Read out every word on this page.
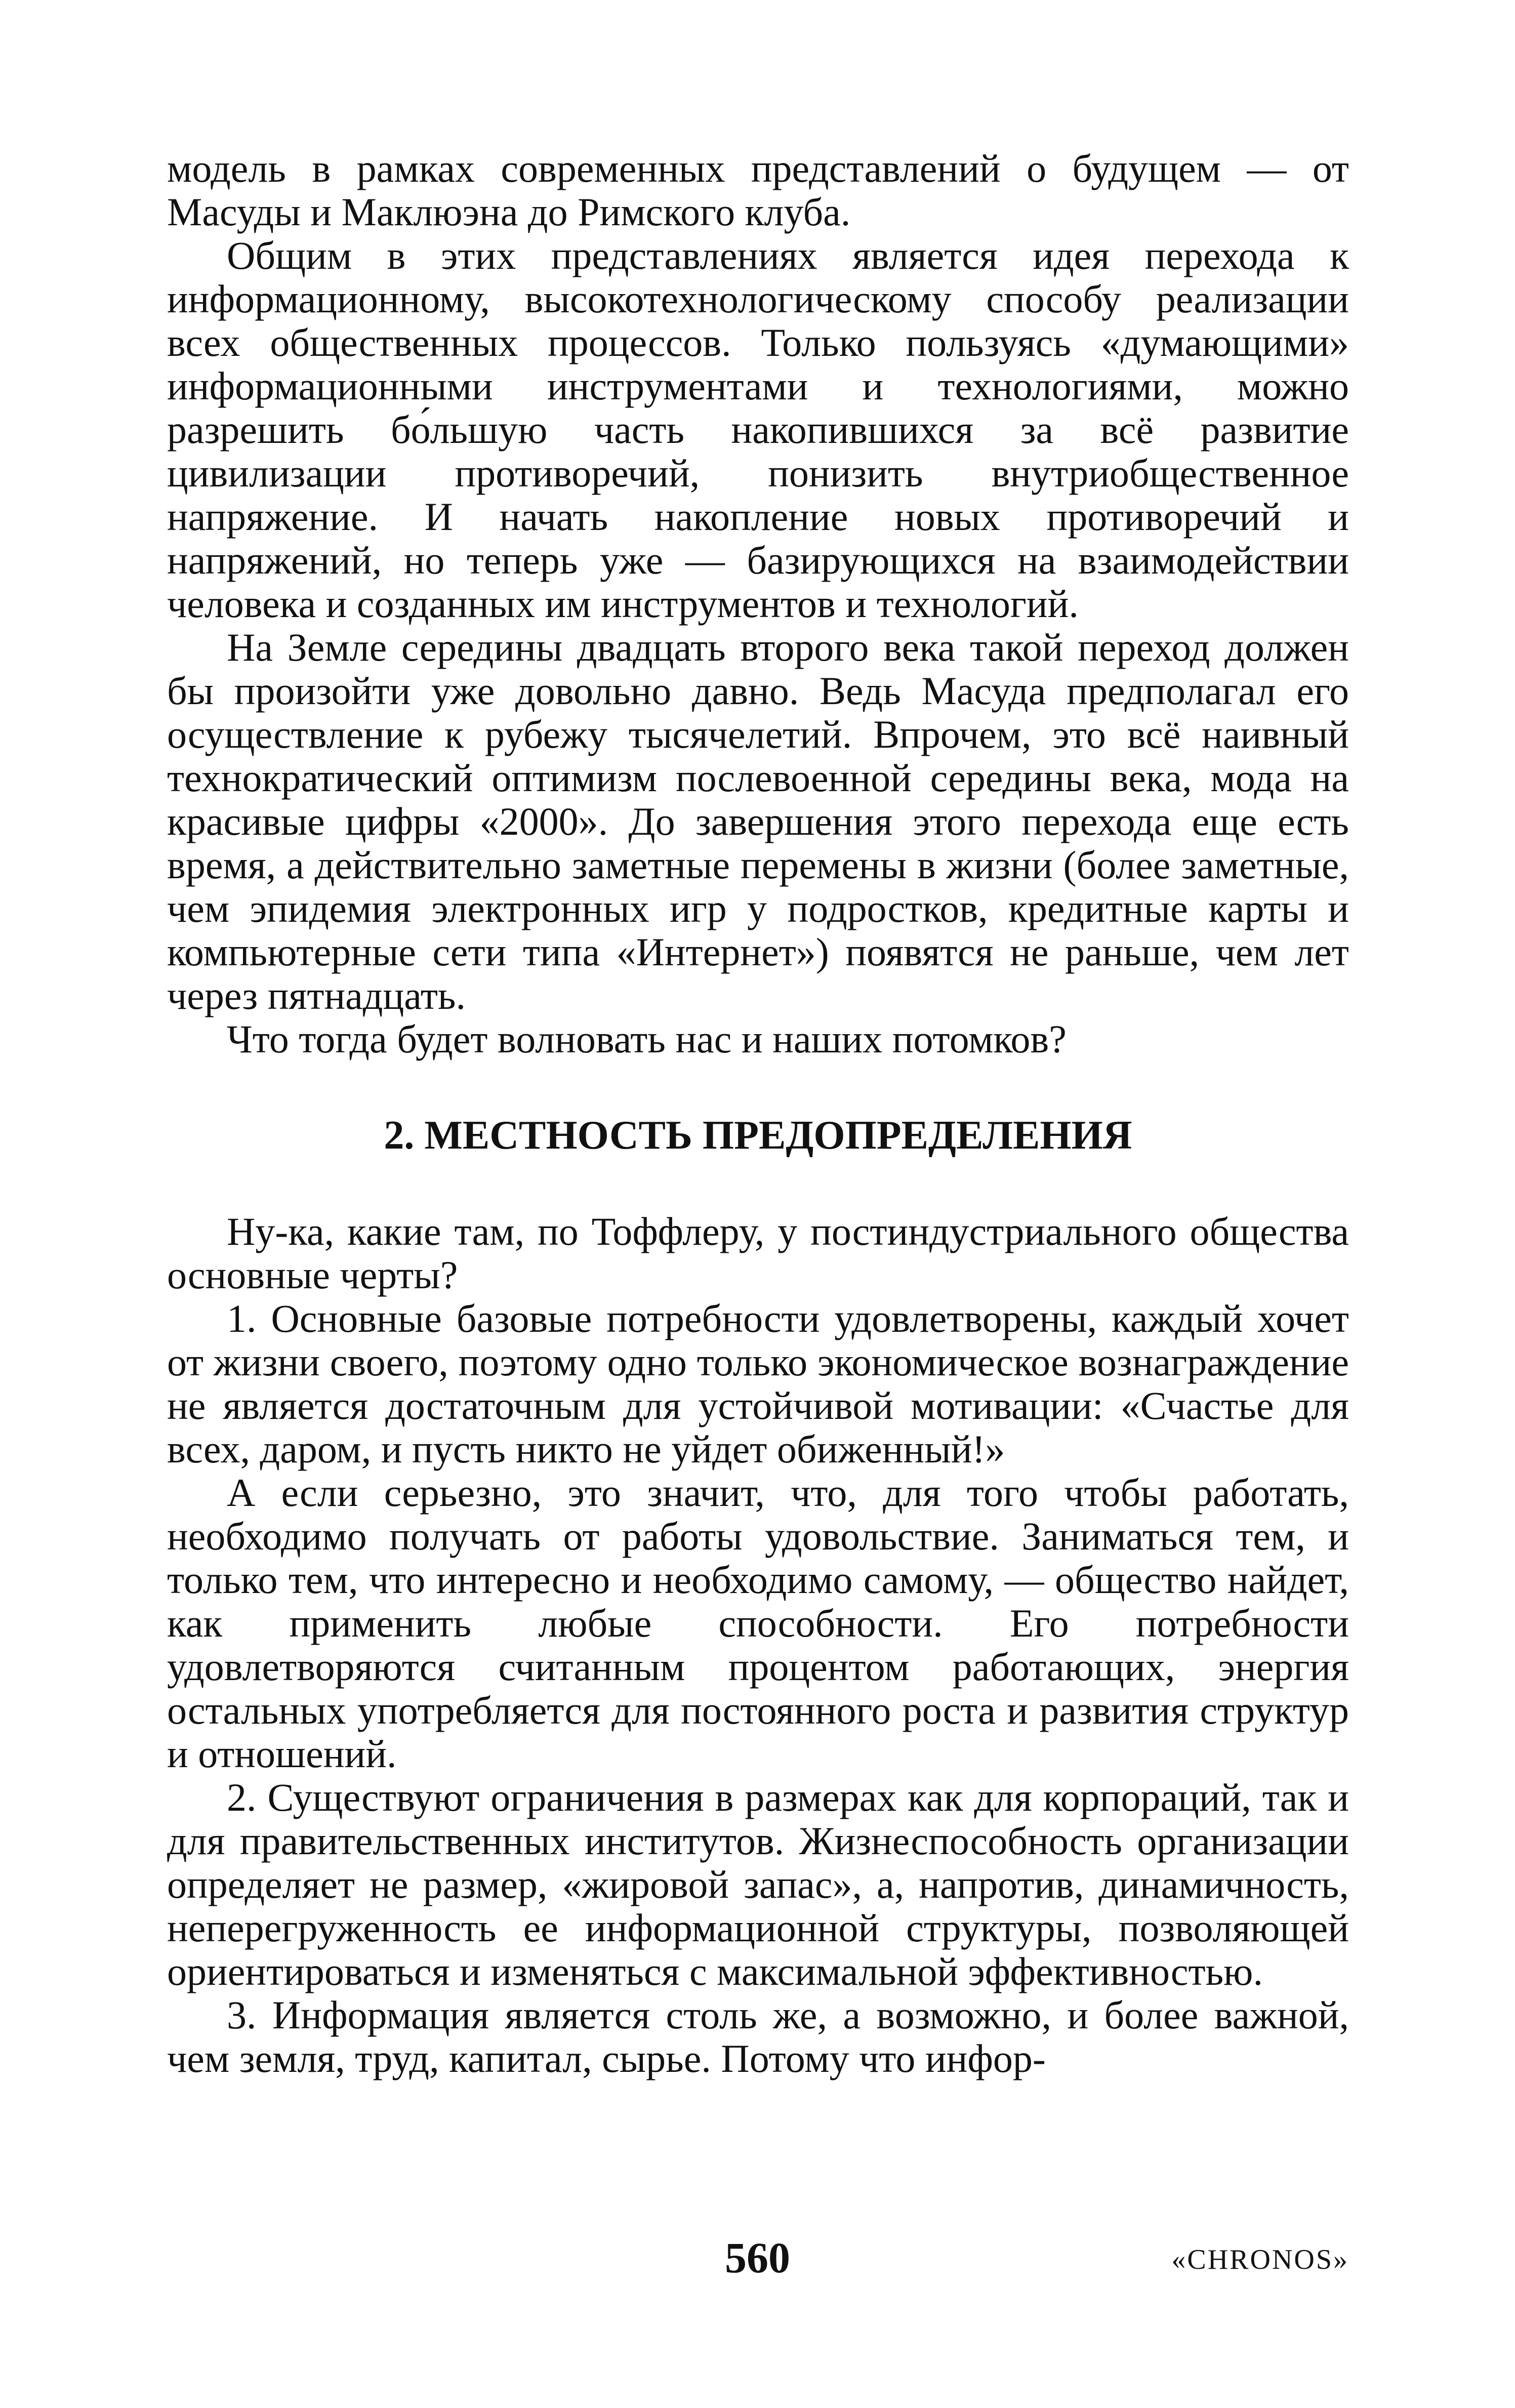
модель в рамках современных представлений о будущем — от Масуды и Маклюэна до Римского клуба.

Общим в этих представлениях является идея перехода к информационному, высокотехнологическому способу реализации всех общественных процессов. Только пользуясь «думающими» информационными инструментами и технологиями, можно разрешить бо́льшую часть накопившихся за всё развитие цивилизации противоречий, понизить внутриобщественное напряжение. И начать накопление новых противоречий и напряжений, но теперь уже — базирующихся на взаимодействии человека и созданных им инструментов и технологий.

На Земле середины двадцать второго века такой переход должен бы произойти уже довольно давно. Ведь Масуда предполагал его осуществление к рубежу тысячелетий. Впрочем, это всё наивный технократический оптимизм послевоенной середины века, мода на красивые цифры «2000». До завершения этого перехода еще есть время, а действительно заметные перемены в жизни (более заметные, чем эпидемия электронных игр у подростков, кредитные карты и компьютерные сети типа «Интернет») появятся не раньше, чем лет через пятнадцать.

Что тогда будет волновать нас и наших потомков?

2. МЕСТНОСТЬ ПРЕДОПРЕДЕЛЕНИЯ

Ну-ка, какие там, по Тоффлеру, у постиндустриального общества основные черты?

1. Основные базовые потребности удовлетворены, каждый хочет от жизни своего, поэтому одно только экономическое вознаграждение не является достаточным для устойчивой мотивации: «Счастье для всех, даром, и пусть никто не уйдет обиженный!»

А если серьезно, это значит, что, для того чтобы работать, необходимо получать от работы удовольствие. Заниматься тем, и только тем, что интересно и необходимо самому, — общество найдет, как применить любые способности. Его потребности удовлетворяются считанным процентом работающих, энергия остальных употребляется для постоянного роста и развития структур и отношений.

2. Существуют ограничения в размерах как для корпораций, так и для правительственных институтов. Жизнеспособность организации определяет не размер, «жировой запас», а, напротив, динамичность, неперегруженность ее информационной структуры, позволяющей ориентироваться и изменяться с максимальной эффективностью.

3. Информация является столь же, а возможно, и более важной, чем земля, труд, капитал, сырье. Потому что инфор-

560	«CHRONOS»
